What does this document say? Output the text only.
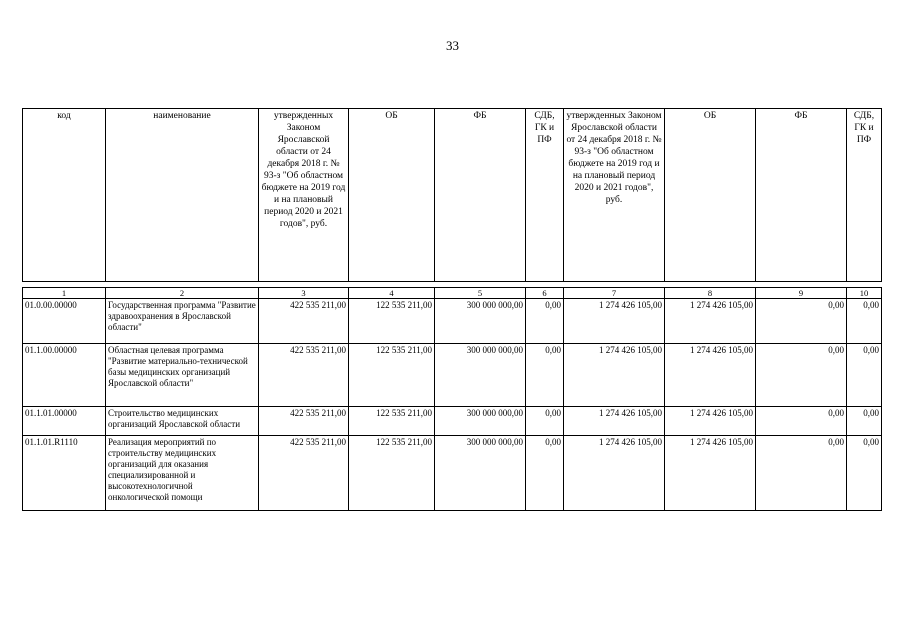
33
код	наименование	утвержденных Законом Ярославской области от 24 декабря 2018 г. № 93-з "Об областном бюджете на 2019 год и на плановый период 2020 и 2021 годов", руб.	ОБ	ФБ	СДБ, ГК и ПФ	утвержденных Законом Ярославской области от 24 декабря 2018 г. № 93-з "Об областном бюджете на 2019 год и на плановый период 2020 и 2021 годов", руб.	ОБ	ФБ	СДБ, ГК и ПФ
1	2	3	4	5	6	7	8	9	10
01.0.00.00000	Государственная программа "Развитие здравоохранения в Ярославской области"	422 535 211,00	122 535 211,00	300 000 000,00	0,00	1 274 426 105,00	1 274 426 105,00	0,00	0,00
01.1.00.00000	Областная целевая программа "Развитие материально-технической базы медицинских организаций Ярославской области"	422 535 211,00	122 535 211,00	300 000 000,00	0,00	1 274 426 105,00	1 274 426 105,00	0,00	0,00
01.1.01.00000	Строительство медицинских организаций Ярославской области	422 535 211,00	122 535 211,00	300 000 000,00	0,00	1 274 426 105,00	1 274 426 105,00	0,00	0,00
01.1.01.R1110	Реализация мероприятий по строительству медицинских организаций для оказания специализированной и высокотехнологичной онкологической помощи	422 535 211,00	122 535 211,00	300 000 000,00	0,00	1 274 426 105,00	1 274 426 105,00	0,00	0,00
